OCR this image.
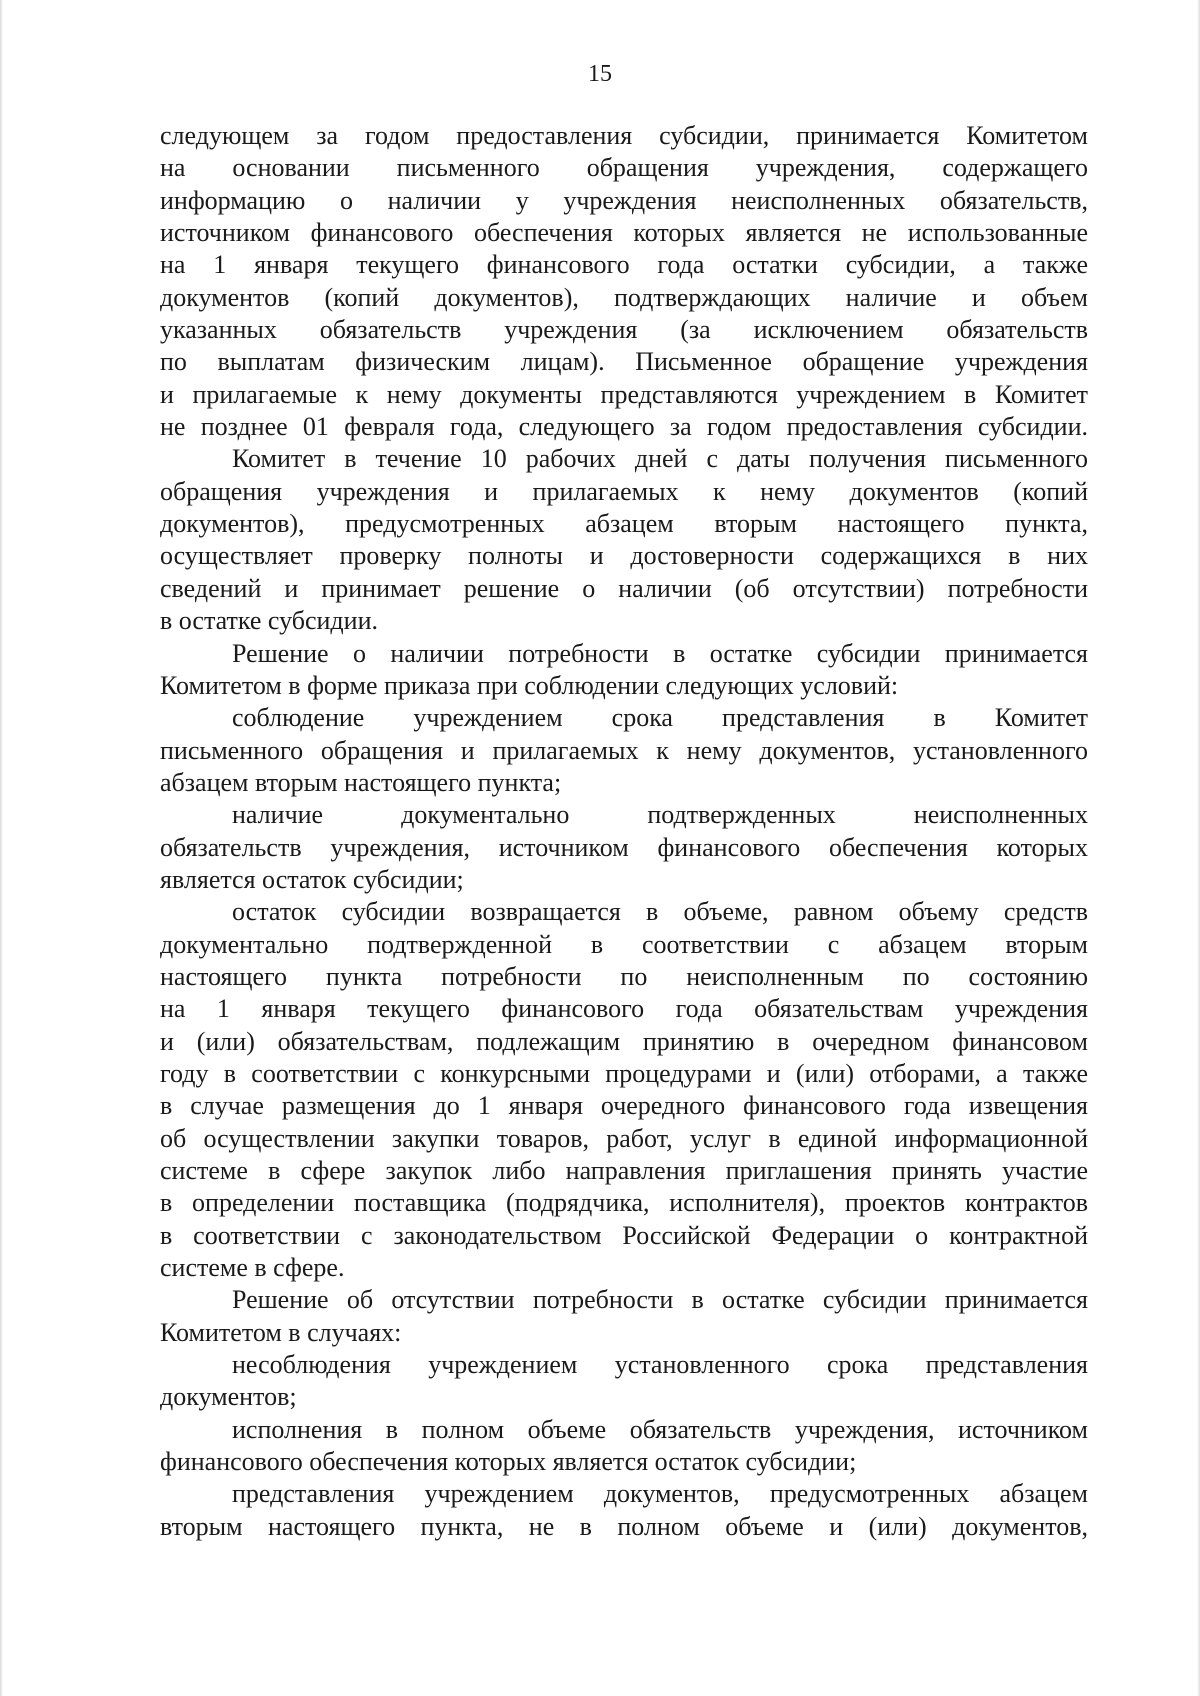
15
следующем за годом предоставления субсидии, принимается Комитетом
на основании письменного обращения учреждения, содержащего
информацию о наличии у учреждения неисполненных обязательств,
источником финансового обеспечения которых является не использованные
на 1 января текущего финансового года остатки субсидии, а также
документов (копий документов), подтверждающих наличие и объем
указанных обязательств учреждения (за исключением обязательств
по выплатам физическим лицам). Письменное обращение учреждения
и прилагаемые к нему документы представляются учреждением в Комитет
не позднее 01 февраля года, следующего за годом предоставления субсидии.
Комитет в течение 10 рабочих дней с даты получения письменного
обращения учреждения и прилагаемых к нему документов (копий
документов), предусмотренных абзацем вторым настоящего пункта,
осуществляет проверку полноты и достоверности содержащихся в них
сведений и принимает решение о наличии (об отсутствии) потребности
в остатке субсидии.
Решение о наличии потребности в остатке субсидии принимается
Комитетом в форме приказа при соблюдении следующих условий:
соблюдение учреждением срока представления в Комитет
письменного обращения и прилагаемых к нему документов, установленного
абзацем вторым настоящего пункта;
наличие документально подтвержденных неисполненных
обязательств учреждения, источником финансового обеспечения которых
является остаток субсидии;
остаток субсидии возвращается в объеме, равном объему средств
документально подтвержденной в соответствии с абзацем вторым
настоящего пункта потребности по неисполненным по состоянию
на 1 января текущего финансового года обязательствам учреждения
и (или) обязательствам, подлежащим принятию в очередном финансовом
году в соответствии с конкурсными процедурами и (или) отборами, а также
в случае размещения до 1 января очередного финансового года извещения
об осуществлении закупки товаров, работ, услуг в единой информационной
системе в сфере закупок либо направления приглашения принять участие
в определении поставщика (подрядчика, исполнителя), проектов контрактов
в соответствии с законодательством Российской Федерации о контрактной
системе в сфере.
Решение об отсутствии потребности в остатке субсидии принимается
Комитетом в случаях:
несоблюдения учреждением установленного срока представления
документов;
исполнения в полном объеме обязательств учреждения, источником
финансового обеспечения которых является остаток субсидии;
представления учреждением документов, предусмотренных абзацем
вторым настоящего пункта, не в полном объеме и (или) документов,
